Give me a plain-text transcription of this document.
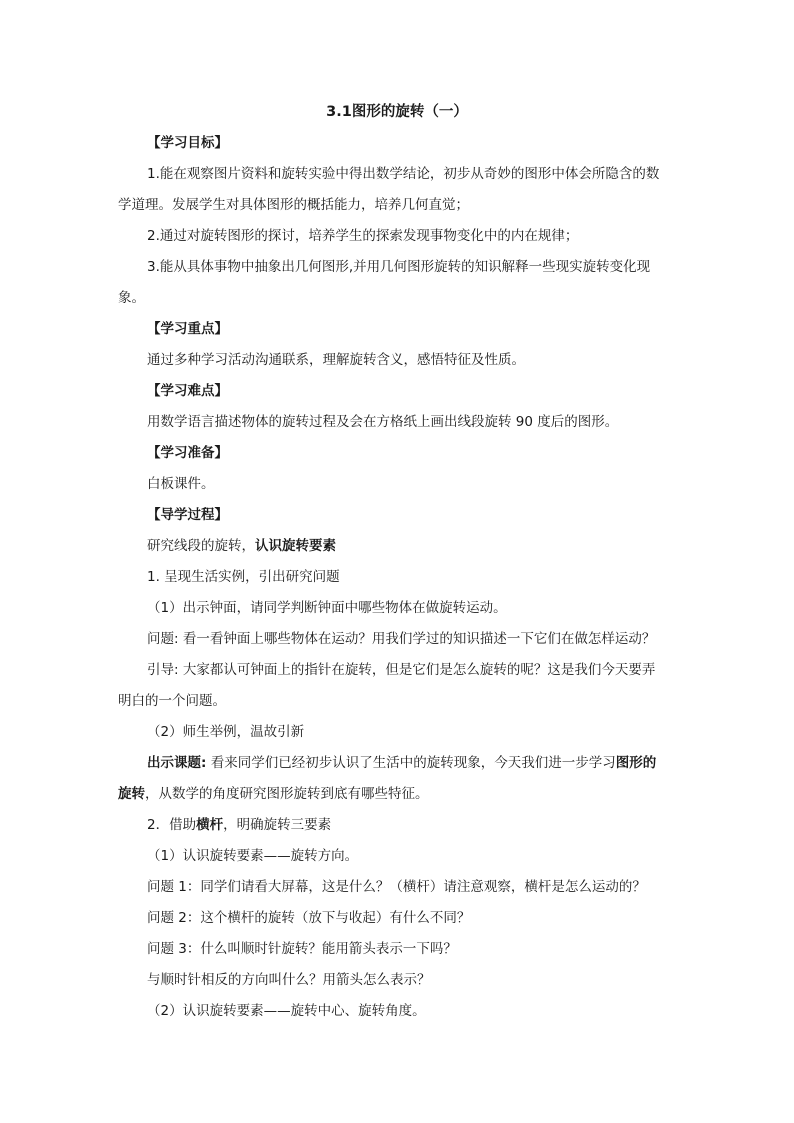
3.1图形的旋转（一）
【学习目标】
1.能在观察图片资料和旋转实验中得出数学结论，初步从奇妙的图形中体会所隐含的数
学道理。发展学生对具体图形的概括能力，培养几何直觉；
2.通过对旋转图形的探讨，培养学生的探索发现事物变化中的内在规律；
3.能从具体事物中抽象出几何图形,并用几何图形旋转的知识解释一些现实旋转变化现
象。
【学习重点】
通过多种学习活动沟通联系，理解旋转含义，感悟特征及性质。
【学习难点】
用数学语言描述物体的旋转过程及会在方格纸上画出线段旋转 90 度后的图形。
【学习准备】
白板课件。
【导学过程】
研究线段的旋转，认识旋转要素
1. 呈现生活实例，引出研究问题
（1）出示钟面，请同学判断钟面中哪些物体在做旋转运动。
问题: 看一看钟面上哪些物体在运动？用我们学过的知识描述一下它们在做怎样运动？
引导: 大家都认可钟面上的指针在旋转，但是它们是怎么旋转的呢？这是我们今天要弄
明白的一个问题。
（2）师生举例，温故引新
出示课题: 看来同学们已经初步认识了生活中的旋转现象，今天我们进一步学习图形的
旋转，从数学的角度研究图形旋转到底有哪些特征。
2．借助横杆，明确旋转三要素
（1）认识旋转要素——旋转方向。
问题 1：同学们请看大屏幕，这是什么？（横杆）请注意观察，横杆是怎么运动的？
问题 2：这个横杆的旋转（放下与收起）有什么不同？
问题 3：什么叫顺时针旋转？能用箭头表示一下吗？
与顺时针相反的方向叫什么？用箭头怎么表示？
（2）认识旋转要素——旋转中心、旋转角度。
